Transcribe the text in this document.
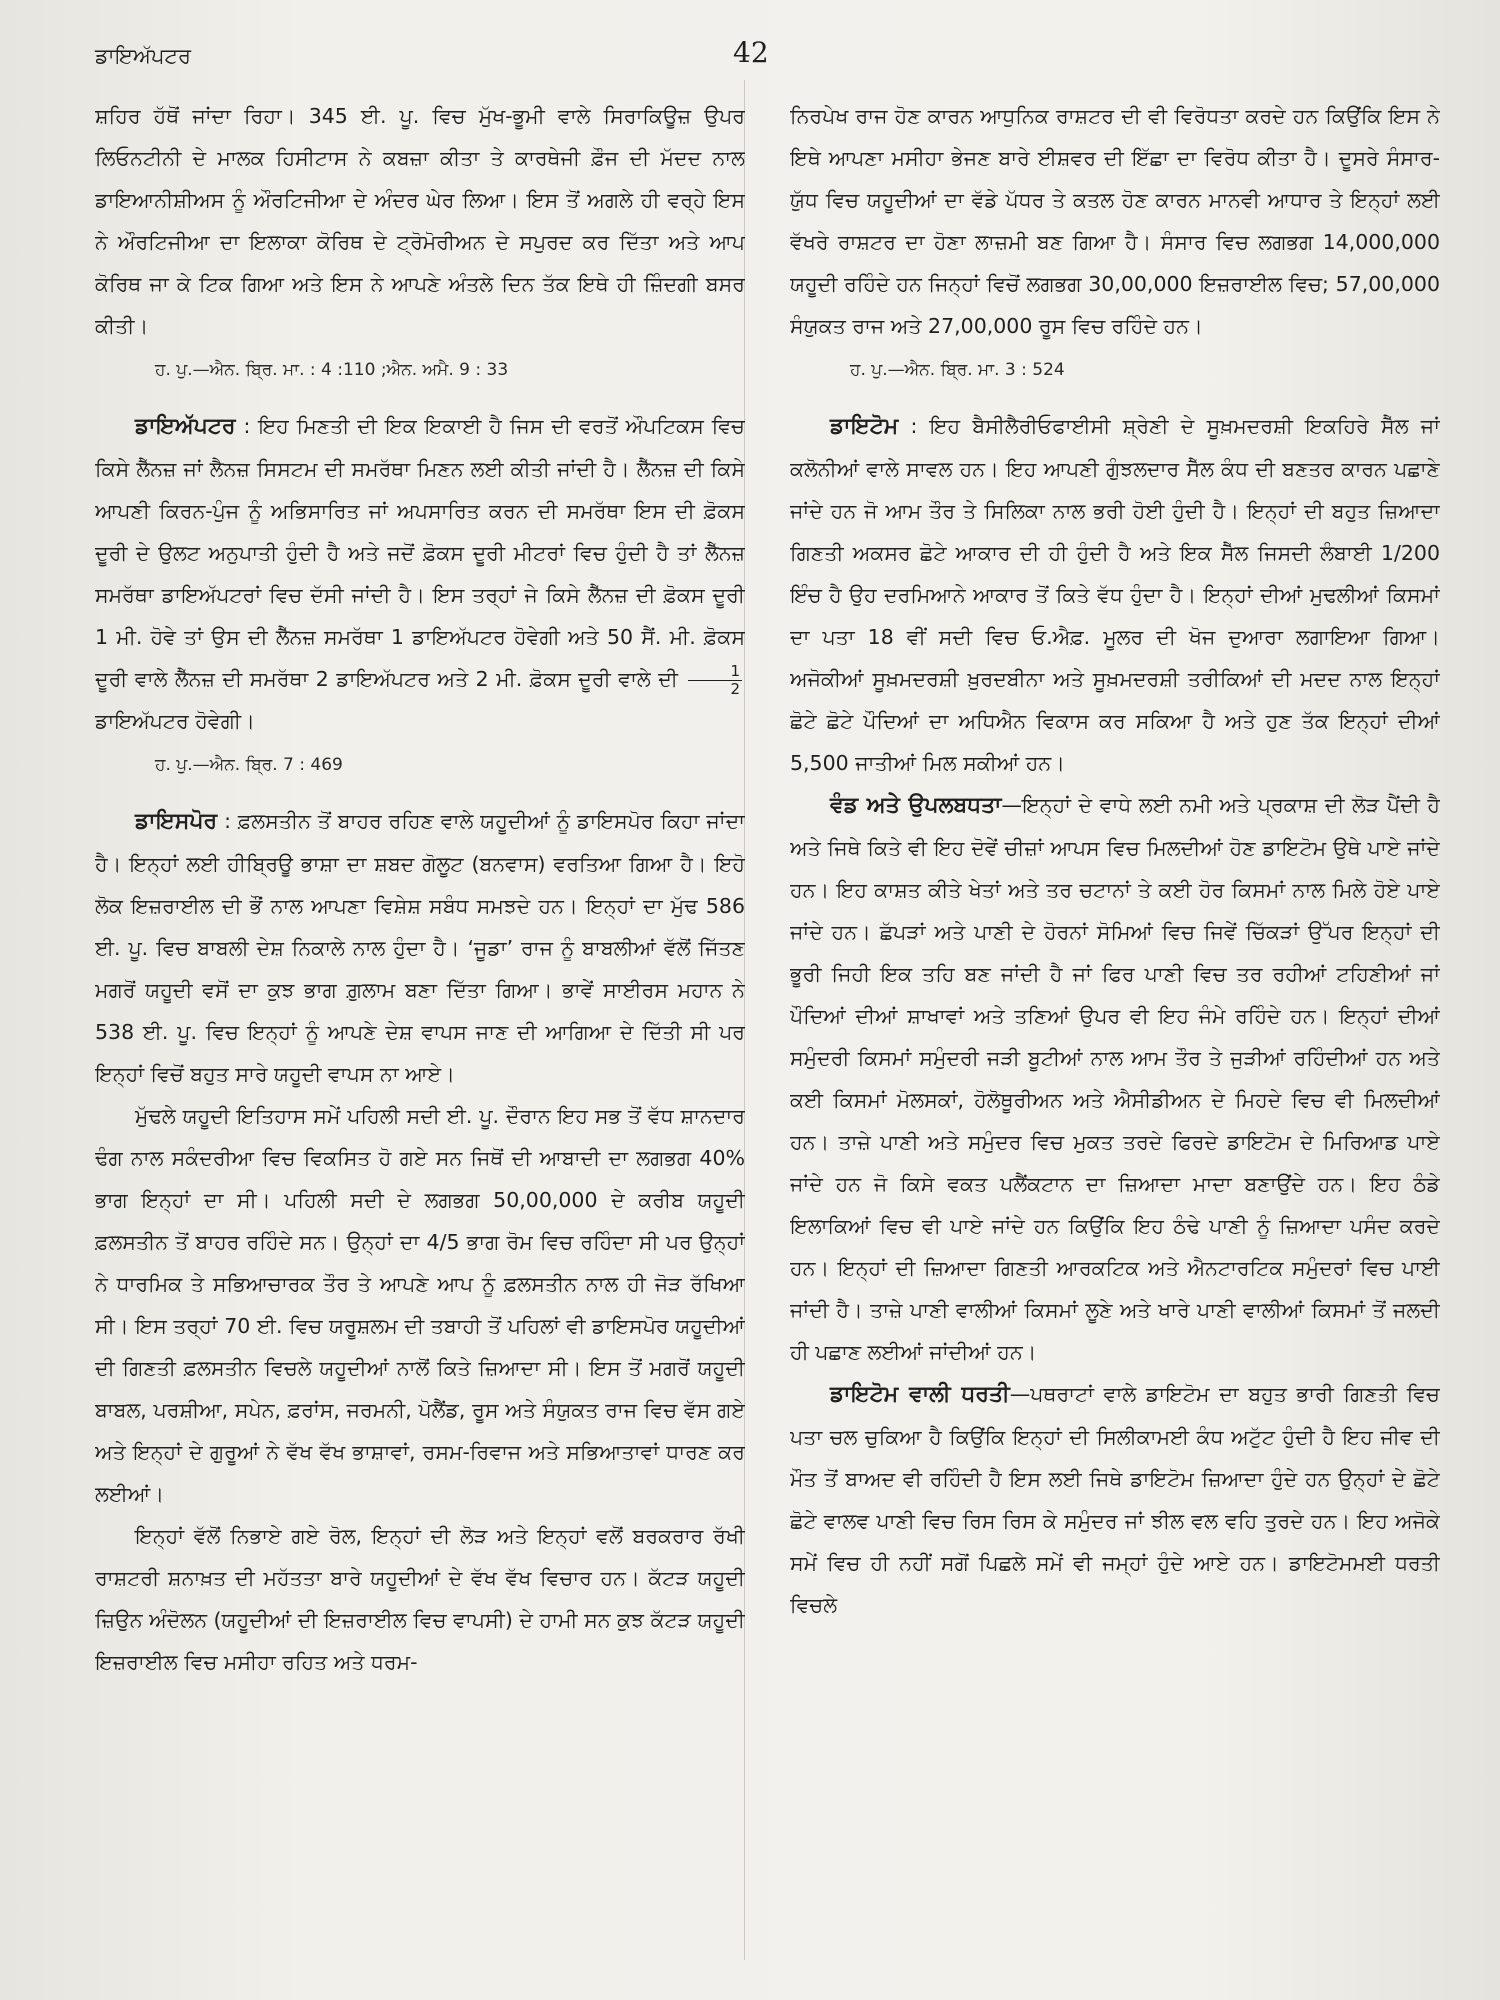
ਡਾਇਅੱਪਟਰ	42

ਸ਼ਹਿਰ ਹੱਥੋਂ ਜਾਂਦਾ ਰਿਹਾ। 345 ਈ. ਪੂ. ਵਿਚ ਮੁੱਖ-ਭੂਮੀ ਵਾਲੇ ਸਿਰਾਕਿਊਜ਼ ਉਪਰ ਲਿਓਨਟੀਨੀ ਦੇ ਮਾਲਕ ਹਿਸੀਟਾਸ ਨੇ ਕਬਜ਼ਾ ਕੀਤਾ ਤੇ ਕਾਰਥੇਜੀ ਫ਼ੌਜ ਦੀ ਮੱਦਦ ਨਾਲ ਡਾਇਆਨੀਸ਼ੀਅਸ ਨੂੰ ਔਰਟਿਜੀਆ ਦੇ ਅੰਦਰ ਘੇਰ ਲਿਆ। ਇਸ ਤੋਂ ਅਗਲੇ ਹੀ ਵਰ੍ਹੇ ਇਸ ਨੇ ਔਰਟਿਜੀਆ ਦਾ ਇਲਾਕਾ ਕੋਰਿਥ ਦੇ ਟ੍ਰੋਮੋਰੀਅਨ ਦੇ ਸਪੁਰਦ ਕਰ ਦਿੱਤਾ ਅਤੇ ਆਪ ਕੋਰਿਥ ਜਾ ਕੇ ਟਿਕ ਗਿਆ ਅਤੇ ਇਸ ਨੇ ਆਪਣੇ ਅੰਤਲੇ ਦਿਨ ਤੱਕ ਇਥੇ ਹੀ ਜ਼ਿੰਦਗੀ ਬਸਰ ਕੀਤੀ।

ਹ. ਪੁ.—ਐਨ. ਬ੍ਰਿ. ਮਾ. : 4 :110 ;ਐਨ. ਅਮੈ. 9 : 33

ਡਾਇਅੱਪਟਰ : ਇਹ ਮਿਣਤੀ ਦੀ ਇਕ ਇਕਾਈ ਹੈ ਜਿਸ ਦੀ ਵਰਤੋਂ ਔਪਟਿਕਸ ਵਿਚ ਕਿਸੇ ਲੈੱਨਜ਼ ਜਾਂ ਲੈਨਜ਼ ਸਿਸਟਮ ਦੀ ਸਮਰੱਥਾ ਮਿਣਨ ਲਈ ਕੀਤੀ ਜਾਂਦੀ ਹੈ। ਲੈੱਨਜ਼ ਦੀ ਕਿਸੇ ਆਪਣੀ ਕਿਰਨ-ਪੁੰਜ ਨੂੰ ਅਭਿਸਾਰਿਤ ਜਾਂ ਅਪਸਾਰਿਤ ਕਰਨ ਦੀ ਸਮਰੱਥਾ ਇਸ ਦੀ ਫ਼ੋਕਸ ਦੂਰੀ ਦੇ ਉਲਟ ਅਨੁਪਾਤੀ ਹੁੰਦੀ ਹੈ ਅਤੇ ਜਦੋਂ ਫ਼ੋਕਸ ਦੂਰੀ ਮੀਟਰਾਂ ਵਿਚ ਹੁੰਦੀ ਹੈ ਤਾਂ ਲੈੱਨਜ਼ ਸਮਰੱਥਾ ਡਾਇਅੱਪਟਰਾਂ ਵਿਚ ਦੱਸੀ ਜਾਂਦੀ ਹੈ। ਇਸ ਤਰ੍ਹਾਂ ਜੇ ਕਿਸੇ ਲੈੱਨਜ਼ ਦੀ ਫ਼ੋਕਸ ਦੂਰੀ 1 ਮੀ. ਹੋਵੇ ਤਾਂ ਉਸ ਦੀ ਲੈੱਨਜ਼ ਸਮਰੱਥਾ 1 ਡਾਇਅੱਪਟਰ ਹੋਵੇਗੀ ਅਤੇ 50 ਸੈਂ. ਮੀ. ਫ਼ੋਕਸ ਦੂਰੀ ਵਾਲੇ ਲੈੱਨਜ਼ ਦੀ ਸਮਰੱਥਾ 2 ਡਾਇਅੱਪਟਰ ਅਤੇ 2 ਮੀ. ਫ਼ੋਕਸ ਦੂਰੀ ਵਾਲੇ ਦੀ $\frac{1}{2}$
ਡਾਇਅੱਪਟਰ ਹੋਵੇਗੀ।

ਹ. ਪੁ.—ਐਨ. ਬ੍ਰਿ. 7 : 469

ਡਾਇਸਪੋਰ : ਫ਼ਲਸਤੀਨ ਤੋਂ ਬਾਹਰ ਰਹਿਣ ਵਾਲੇ ਯਹੂਦੀਆਂ ਨੂੰ ਡਾਇਸਪੋਰ ਕਿਹਾ ਜਾਂਦਾ ਹੈ। ਇਨ੍ਹਾਂ ਲਈ ਹੀਬ੍ਰਿਊ ਭਾਸ਼ਾ ਦਾ ਸ਼ਬਦ ਗੋਲੂਟ (ਬਨਵਾਸ) ਵਰਤਿਆ ਗਿਆ ਹੈ। ਇਹੋ ਲੋਕ ਇਜ਼ਰਾਈਲ ਦੀ ਭੌਂ ਨਾਲ ਆਪਣਾ ਵਿਸ਼ੇਸ਼ ਸਬੰਧ ਸਮਝਦੇ ਹਨ। ਇਨ੍ਹਾਂ ਦਾ ਮੁੱਢ 586 ਈ. ਪੂ. ਵਿਚ ਬਾਬਲੀ ਦੇਸ਼ ਨਿਕਾਲੇ ਨਾਲ ਹੁੰਦਾ ਹੈ। ‘ਜੂਡਾ’ ਰਾਜ ਨੂੰ ਬਾਬਲੀਆਂ ਵੱਲੋਂ ਜਿੱਤਣ ਮਗਰੋਂ ਯਹੂਦੀ ਵਸੋਂ ਦਾ ਕੁਝ ਭਾਗ ਗ਼ੁਲਾਮ ਬਣਾ ਦਿੱਤਾ ਗਿਆ। ਭਾਵੇਂ ਸਾਈਰਸ ਮਹਾਨ ਨੇ 538 ਈ. ਪੂ. ਵਿਚ ਇਨ੍ਹਾਂ ਨੂੰ ਆਪਣੇ ਦੇਸ਼ ਵਾਪਸ ਜਾਣ ਦੀ ਆਗਿਆ ਦੇ ਦਿੱਤੀ ਸੀ ਪਰ ਇਨ੍ਹਾਂ ਵਿਚੋਂ ਬਹੁਤ ਸਾਰੇ ਯਹੂਦੀ ਵਾਪਸ ਨਾ ਆਏ।

ਮੁੱਢਲੇ ਯਹੂਦੀ ਇਤਿਹਾਸ ਸਮੇਂ ਪਹਿਲੀ ਸਦੀ ਈ. ਪੂ. ਦੌਰਾਨ ਇਹ ਸਭ ਤੋਂ ਵੱਧ ਸ਼ਾਨਦਾਰ ਢੰਗ ਨਾਲ ਸਕੰਦਰੀਆ ਵਿਚ ਵਿਕਸਿਤ ਹੋ ਗਏ ਸਨ ਜਿਥੋਂ ਦੀ ਆਬਾਦੀ ਦਾ ਲਗਭਗ 40% ਭਾਗ ਇਨ੍ਹਾਂ ਦਾ ਸੀ। ਪਹਿਲੀ ਸਦੀ ਦੇ ਲਗਭਗ 50,00,000 ਦੇ ਕਰੀਬ ਯਹੂਦੀ ਫ਼ਲਸਤੀਨ ਤੋਂ ਬਾਹਰ ਰਹਿੰਦੇ ਸਨ। ਉਨ੍ਹਾਂ ਦਾ 4/5 ਭਾਗ ਰੋਮ ਵਿਚ ਰਹਿੰਦਾ ਸੀ ਪਰ ਉਨ੍ਹਾਂ ਨੇ ਧਾਰਮਿਕ ਤੇ ਸਭਿਆਚਾਰਕ ਤੌਰ ਤੇ ਆਪਣੇ ਆਪ ਨੂੰ ਫ਼ਲਸਤੀਨ ਨਾਲ ਹੀ ਜੋੜ ਰੱਖਿਆ ਸੀ। ਇਸ ਤਰ੍ਹਾਂ 70 ਈ. ਵਿਚ ਯਰੂਸ਼ਲਮ ਦੀ ਤਬਾਹੀ ਤੋਂ ਪਹਿਲਾਂ ਵੀ ਡਾਇਸਪੋਰ ਯਹੂਦੀਆਂ ਦੀ ਗਿਣਤੀ ਫ਼ਲਸਤੀਨ ਵਿਚਲੇ ਯਹੂਦੀਆਂ ਨਾਲੋਂ ਕਿਤੇ ਜ਼ਿਆਦਾ ਸੀ। ਇਸ ਤੋਂ ਮਗਰੋਂ ਯਹੂਦੀ ਬਾਬਲ, ਪਰਸ਼ੀਆ, ਸਪੇਨ, ਫ਼ਰਾਂਸ, ਜਰਮਨੀ, ਪੋਲੈਂਡ, ਰੂਸ ਅਤੇ ਸੰਯੁਕਤ ਰਾਜ ਵਿਚ ਵੱਸ ਗਏ ਅਤੇ ਇਨ੍ਹਾਂ ਦੇ ਗੁਰੂਆਂ ਨੇ ਵੱਖ ਵੱਖ ਭਾਸ਼ਾਵਾਂ, ਰਸਮ-ਰਿਵਾਜ ਅਤੇ ਸਭਿਆਤਾਵਾਂ ਧਾਰਣ ਕਰ ਲਈਆਂ।

ਇਨ੍ਹਾਂ ਵੱਲੋਂ ਨਿਭਾਏ ਗਏ ਰੋਲ, ਇਨ੍ਹਾਂ ਦੀ ਲੋੜ ਅਤੇ ਇਨ੍ਹਾਂ ਵਲੋਂ ਬਰਕਰਾਰ ਰੱਖੀ ਰਾਸ਼ਟਰੀ ਸ਼ਨਾਖ਼ਤ ਦੀ ਮਹੱਤਤਾ ਬਾਰੇ ਯਹੂਦੀਆਂ ਦੇ ਵੱਖ ਵੱਖ ਵਿਚਾਰ ਹਨ। ਕੱਟੜ ਯਹੂਦੀ ਜ਼ਿਉਨ ਅੰਦੋਲਨ (ਯਹੂਦੀਆਂ ਦੀ ਇਜ਼ਰਾਈਲ ਵਿਚ ਵਾਪਸੀ) ਦੇ ਹਾਮੀ ਸਨ ਕੁਝ ਕੱਟੜ ਯਹੂਦੀ ਇਜ਼ਰਾਈਲ ਵਿਚ ਮਸੀਹਾ ਰਹਿਤ ਅਤੇ ਧਰਮ-

ਨਿਰਪੇਖ ਰਾਜ ਹੋਣ ਕਾਰਨ ਆਧੁਨਿਕ ਰਾਸ਼ਟਰ ਦੀ ਵੀ ਵਿਰੋਧਤਾ ਕਰਦੇ ਹਨ ਕਿਉਂਕਿ ਇਸ ਨੇ ਇਥੇ ਆਪਣਾ ਮਸੀਹਾ ਭੇਜਣ ਬਾਰੇ ਈਸ਼ਵਰ ਦੀ ਇੱਛਾ ਦਾ ਵਿਰੋਧ ਕੀਤਾ ਹੈ। ਦੂਸਰੇ ਸੰਸਾਰ-ਯੁੱਧ ਵਿਚ ਯਹੂਦੀਆਂ ਦਾ ਵੱਡੇ ਪੱਧਰ ਤੇ ਕਤਲ ਹੋਣ ਕਾਰਨ ਮਾਨਵੀ ਆਧਾਰ ਤੇ ਇਨ੍ਹਾਂ ਲਈ ਵੱਖਰੇ ਰਾਸ਼ਟਰ ਦਾ ਹੋਣਾ ਲਾਜ਼ਮੀ ਬਣ ਗਿਆ ਹੈ। ਸੰਸਾਰ ਵਿਚ ਲਗਭਗ 14,000,000 ਯਹੂਦੀ ਰਹਿੰਦੇ ਹਨ ਜਿਨ੍ਹਾਂ ਵਿਚੋਂ ਲਗਭਗ 30,00,000 ਇਜ਼ਰਾਈਲ ਵਿਚ; 57,00,000 ਸੰਯੁਕਤ ਰਾਜ ਅਤੇ 27,00,000 ਰੂਸ ਵਿਚ ਰਹਿੰਦੇ ਹਨ।

ਹ. ਪੁ.—ਐਨ. ਬ੍ਰਿ. ਮਾ. 3 : 524

ਡਾਇਟੋਮ : ਇਹ ਬੈਸੀਲੈਰੀਓਫਾਈਸੀ ਸ਼੍ਰੇਣੀ ਦੇ ਸੂਖ਼ਮਦਰਸ਼ੀ ਇਕਹਿਰੇ ਸੈੱਲ ਜਾਂ ਕਲੋਨੀਆਂ ਵਾਲੇ ਸਾਵਲ ਹਨ। ਇਹ ਆਪਣੀ ਗੁੰਝਲਦਾਰ ਸੈੱਲ ਕੰਧ ਦੀ ਬਣਤਰ ਕਾਰਨ ਪਛਾਣੇ ਜਾਂਦੇ ਹਨ ਜੋ ਆਮ ਤੌਰ ਤੇ ਸਿਲਿਕਾ ਨਾਲ ਭਰੀ ਹੋਈ ਹੁੰਦੀ ਹੈ। ਇਨ੍ਹਾਂ ਦੀ ਬਹੁਤ ਜ਼ਿਆਦਾ ਗਿਣਤੀ ਅਕਸਰ ਛੋਟੇ ਆਕਾਰ ਦੀ ਹੀ ਹੁੰਦੀ ਹੈ ਅਤੇ ਇਕ ਸੈੱਲ ਜਿਸਦੀ ਲੰਬਾਈ 1/200 ਇੰਚ ਹੈ ਉਹ ਦਰਮਿਆਨੇ ਆਕਾਰ ਤੋਂ ਕਿਤੇ ਵੱਧ ਹੁੰਦਾ ਹੈ। ਇਨ੍ਹਾਂ ਦੀਆਂ ਮੁਢਲੀਆਂ ਕਿਸਮਾਂ ਦਾ ਪਤਾ 18 ਵੀਂ ਸਦੀ ਵਿਚ ਓ.ਐਫ਼. ਮੂਲਰ ਦੀ ਖੋਜ ਦੁਆਰਾ ਲਗਾਇਆ ਗਿਆ। ਅਜੋਕੀਆਂ ਸੂਖ਼ਮਦਰਸ਼ੀ ਖ਼ੁਰਦਬੀਨਾ ਅਤੇ ਸੂਖ਼ਮਦਰਸ਼ੀ ਤਰੀਕਿਆਂ ਦੀ ਮਦਦ ਨਾਲ ਇਨ੍ਹਾਂ ਛੋਟੇ ਛੋਟੇ ਪੌਦਿਆਂ ਦਾ ਅਧਿਐਨ ਵਿਕਾਸ ਕਰ ਸਕਿਆ ਹੈ ਅਤੇ ਹੁਣ ਤੱਕ ਇਨ੍ਹਾਂ ਦੀਆਂ 5,500 ਜਾਤੀਆਂ ਮਿਲ ਸਕੀਆਂ ਹਨ।

ਵੰਡ ਅਤੇ ਉਪਲਬਧਤਾ—ਇਨ੍ਹਾਂ ਦੇ ਵਾਧੇ ਲਈ ਨਮੀ ਅਤੇ ਪ੍ਰਕਾਸ਼ ਦੀ ਲੋੜ ਪੈਂਦੀ ਹੈ ਅਤੇ ਜਿਥੇ ਕਿਤੇ ਵੀ ਇਹ ਦੋਵੇਂ ਚੀਜ਼ਾਂ ਆਪਸ ਵਿਚ ਮਿਲਦੀਆਂ ਹੋਣ ਡਾਇਟੋਮ ਉਥੇ ਪਾਏ ਜਾਂਦੇ ਹਨ। ਇਹ ਕਾਸ਼ਤ ਕੀਤੇ ਖੇਤਾਂ ਅਤੇ ਤਰ ਚਟਾਨਾਂ ਤੇ ਕਈ ਹੋਰ ਕਿਸਮਾਂ ਨਾਲ ਮਿਲੇ ਹੋਏ ਪਾਏ ਜਾਂਦੇ ਹਨ। ਛੱਪੜਾਂ ਅਤੇ ਪਾਣੀ ਦੇ ਹੋਰਨਾਂ ਸੋਮਿਆਂ ਵਿਚ ਜਿਵੇਂ ਚਿੱਕੜਾਂ ਉੱਪਰ ਇਨ੍ਹਾਂ ਦੀ ਭੂਰੀ ਜਿਹੀ ਇਕ ਤਹਿ ਬਣ ਜਾਂਦੀ ਹੈ ਜਾਂ ਫਿਰ ਪਾਣੀ ਵਿਚ ਤਰ ਰਹੀਆਂ ਟਹਿਣੀਆਂ ਜਾਂ ਪੌਦਿਆਂ ਦੀਆਂ ਸ਼ਾਖਾਵਾਂ ਅਤੇ ਤਣਿਆਂ ਉਪਰ ਵੀ ਇਹ ਜੰਮੇ ਰਹਿੰਦੇ ਹਨ। ਇਨ੍ਹਾਂ ਦੀਆਂ ਸਮੁੰਦਰੀ ਕਿਸਮਾਂ ਸਮੁੰਦਰੀ ਜੜੀ ਬੂਟੀਆਂ ਨਾਲ ਆਮ ਤੌਰ ਤੇ ਜੁੜੀਆਂ ਰਹਿੰਦੀਆਂ ਹਨ ਅਤੇ ਕਈ ਕਿਸਮਾਂ ਮੋਲਸਕਾਂ, ਹੋਲੋਥੂਰੀਅਨ ਅਤੇ ਐਸੀਡੀਅਨ ਦੇ ਮਿਹਦੇ ਵਿਚ ਵੀ ਮਿਲਦੀਆਂ ਹਨ। ਤਾਜ਼ੇ ਪਾਣੀ ਅਤੇ ਸਮੁੰਦਰ ਵਿਚ ਮੁਕਤ ਤਰਦੇ ਫਿਰਦੇ ਡਾਇਟੋਮ ਦੇ ਮਿਰਿਆਡ ਪਾਏ ਜਾਂਦੇ ਹਨ ਜੋ ਕਿਸੇ ਵਕਤ ਪਲੈਂਕਟਾਨ ਦਾ ਜ਼ਿਆਦਾ ਮਾਦਾ ਬਣਾਉਂਦੇ ਹਨ। ਇਹ ਠੰਡੇ ਇਲਾਕਿਆਂ ਵਿਚ ਵੀ ਪਾਏ ਜਾਂਦੇ ਹਨ ਕਿਉਂਕਿ ਇਹ ਠੰਢੇ ਪਾਣੀ ਨੂੰ ਜ਼ਿਆਦਾ ਪਸੰਦ ਕਰਦੇ ਹਨ। ਇਨ੍ਹਾਂ ਦੀ ਜ਼ਿਆਦਾ ਗਿਣਤੀ ਆਰਕਟਿਕ ਅਤੇ ਐਨਟਾਰਟਿਕ ਸਮੁੰਦਰਾਂ ਵਿਚ ਪਾਈ ਜਾਂਦੀ ਹੈ। ਤਾਜ਼ੇ ਪਾਣੀ ਵਾਲੀਆਂ ਕਿਸਮਾਂ ਲੂਣੇ ਅਤੇ ਖਾਰੇ ਪਾਣੀ ਵਾਲੀਆਂ ਕਿਸਮਾਂ ਤੋਂ ਜਲਦੀ ਹੀ ਪਛਾਣ ਲਈਆਂ ਜਾਂਦੀਆਂ ਹਨ।

ਡਾਇਟੋਮ ਵਾਲੀ ਧਰਤੀ—ਪਥਰਾਟਾਂ ਵਾਲੇ ਡਾਇਟੋਮ ਦਾ ਬਹੁਤ ਭਾਰੀ ਗਿਣਤੀ ਵਿਚ ਪਤਾ ਚਲ ਚੁਕਿਆ ਹੈ ਕਿਉਂਕਿ ਇਨ੍ਹਾਂ ਦੀ ਸਿਲੀਕਾਮਈ ਕੰਧ ਅਟੁੱਟ ਹੁੰਦੀ ਹੈ ਇਹ ਜੀਵ ਦੀ ਮੌਤ ਤੋਂ ਬਾਅਦ ਵੀ ਰਹਿੰਦੀ ਹੈ ਇਸ ਲਈ ਜਿਥੇ ਡਾਇਟੋਮ ਜ਼ਿਆਦਾ ਹੁੰਦੇ ਹਨ ਉਨ੍ਹਾਂ ਦੇ ਛੋਟੇ ਛੋਟੇ ਵਾਲਵ ਪਾਣੀ ਵਿਚ ਰਿਸ ਰਿਸ ਕੇ ਸਮੁੰਦਰ ਜਾਂ ਝੀਲ ਵਲ ਵਹਿ ਤੁਰਦੇ ਹਨ। ਇਹ ਅਜੋਕੇ ਸਮੇਂ ਵਿਚ ਹੀ ਨਹੀਂ ਸਗੋਂ ਪਿਛਲੇ ਸਮੇਂ ਵੀ ਜਮ੍ਹਾਂ ਹੁੰਦੇ ਆਏ ਹਨ। ਡਾਇਟੋਮਮਈ ਧਰਤੀ ਵਿਚਲੇ
